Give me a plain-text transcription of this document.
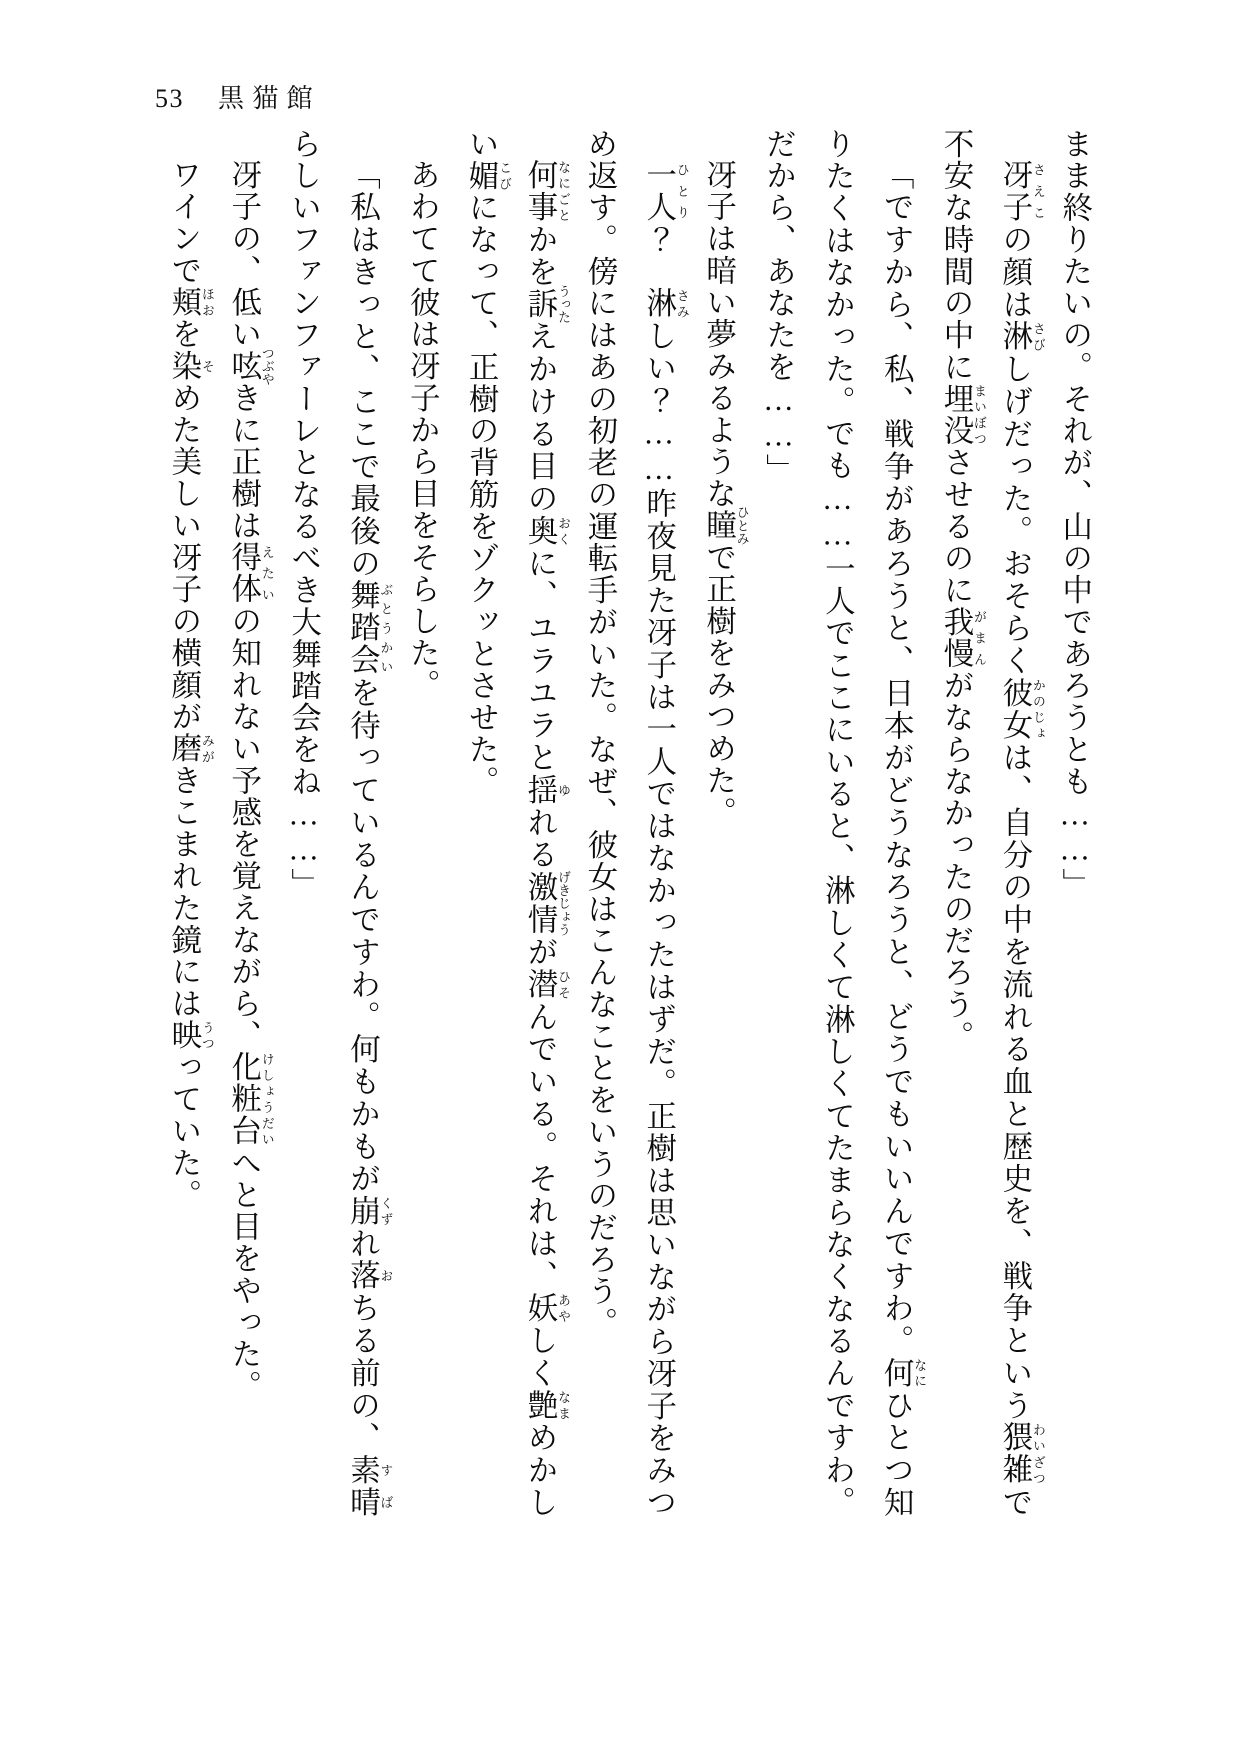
53 黒猫館

まま終りたいの。それが、山の中であろうとも……」

冴子 さえこの顔は淋 さびしげだった。おそらく彼女 かのじょは、自分の中を流れる血と歴史を、戦争という猥雑 わいざつで不安な時間の中に埋没 まいぼつさせるのに我慢 がまんがならなかったのだろう。

「ですから、私、戦争があろうと、日本がどうなろうと、どうでもいいんですわ。何 なにひとつ知りたくはなかった。でも……一人でここにいると、淋しくて淋しくてたまらなくなるんですわ。だから、あなたを……」

冴子は暗い夢みるような瞳 ひとみで正樹をみつめた。

一人 ひとり？　淋 さみしい？……昨夜見た冴子は一人ではなかったはずだ。正樹は思いながら冴子をみつめ返す。傍にはあの初老の運転手がいた。なぜ、彼女はこんなことをいうのだろう。

何事 なにごとかを訴 うったえかける目の奥 おくに、ユラユラと揺 ゆれる激情 げきじょうが潜 ひそんでいる。それは、妖 あやしく艶 なまめかしい媚 こびになって、正樹の背筋をゾクッとさせた。

あわてて彼は冴子から目をそらした。

「私はきっと、ここで最後の舞踏会 ぶとうかいを待っているんですわ。何もかもが崩 くずれ落 おちる前の、素晴 すばらしいファンファーレとなるべき大舞踏会をね……」

冴子の、低い呟 つぶやきに正樹は得体 えたいの知れない予感を覚えながら、化粧台 けしょうだいへと目をやった。

ワインで頬 ほおを染 そめた美しい冴子の横顔が磨 みがきこまれた鏡には映 うつっていた。
